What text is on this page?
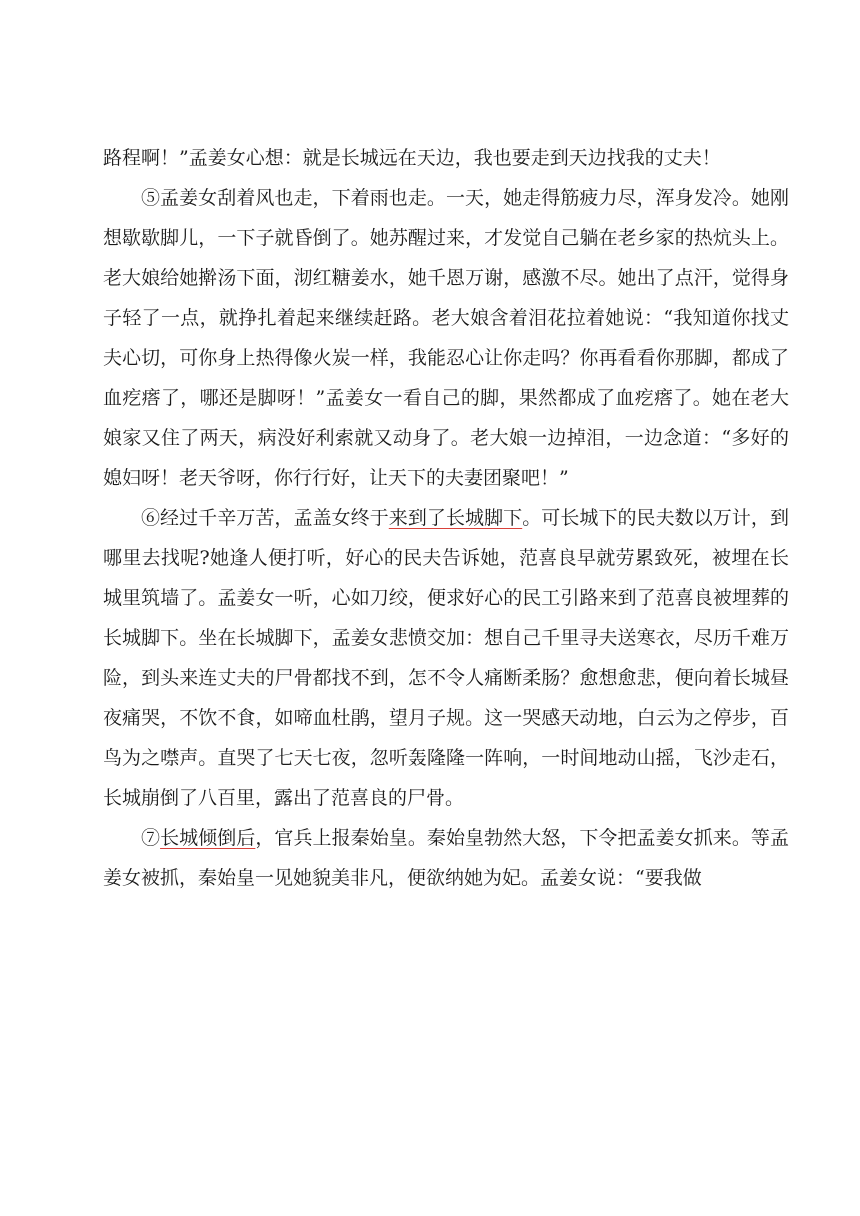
路程啊！”孟姜女心想：就是长城远在天边，我也要走到天边找我的丈夫！

⑤孟姜女刮着风也走，下着雨也走。一天，她走得筋疲力尽，浑身发冷。她刚想歇歇脚儿，一下子就昏倒了。她苏醒过来，才发觉自己躺在老乡家的热炕头上。老大娘给她擀汤下面，沏红糖姜水，她千恩万谢，感激不尽。她出了点汗，觉得身子轻了一点，就挣扎着起来继续赶路。老大娘含着泪花拉着她说：“我知道你找丈夫心切，可你身上热得像火炭一样，我能忍心让你走吗？你再看看你那脚，都成了血疙瘩了，哪还是脚呀！”孟姜女一看自己的脚，果然都成了血疙瘩了。她在老大娘家又住了两天，病没好利索就又动身了。老大娘一边掉泪，一边念道：“多好的媳妇呀！老天爷呀，你行行好，让天下的夫妻团聚吧！”

⑥经过千辛万苦，孟盖女终于来到了长城脚下。可长城下的民夫数以万计，到哪里去找呢?她逢人便打听，好心的民夫告诉她，范喜良早就劳累致死，被埋在长城里筑墙了。孟姜女一听，心如刀绞，便求好心的民工引路来到了范喜良被埋葬的长城脚下。坐在长城脚下，孟姜女悲愤交加：想自己千里寻夫送寒衣，尽历千难万险，到头来连丈夫的尸骨都找不到，怎不令人痛断柔肠？愈想愈悲，便向着长城昼夜痛哭，不饮不食，如啼血杜鹃，望月子规。这一哭感天动地，白云为之停步，百鸟为之噤声。直哭了七天七夜，忽听轰隆隆一阵响，一时间地动山摇，飞沙走石，长城崩倒了八百里，露出了范喜良的尸骨。

⑦长城倾倒后，官兵上报秦始皇。秦始皇勃然大怒，下令把孟姜女抓来。等孟姜女被抓，秦始皇一见她貌美非凡，便欲纳她为妃。孟姜女说：“要我做
